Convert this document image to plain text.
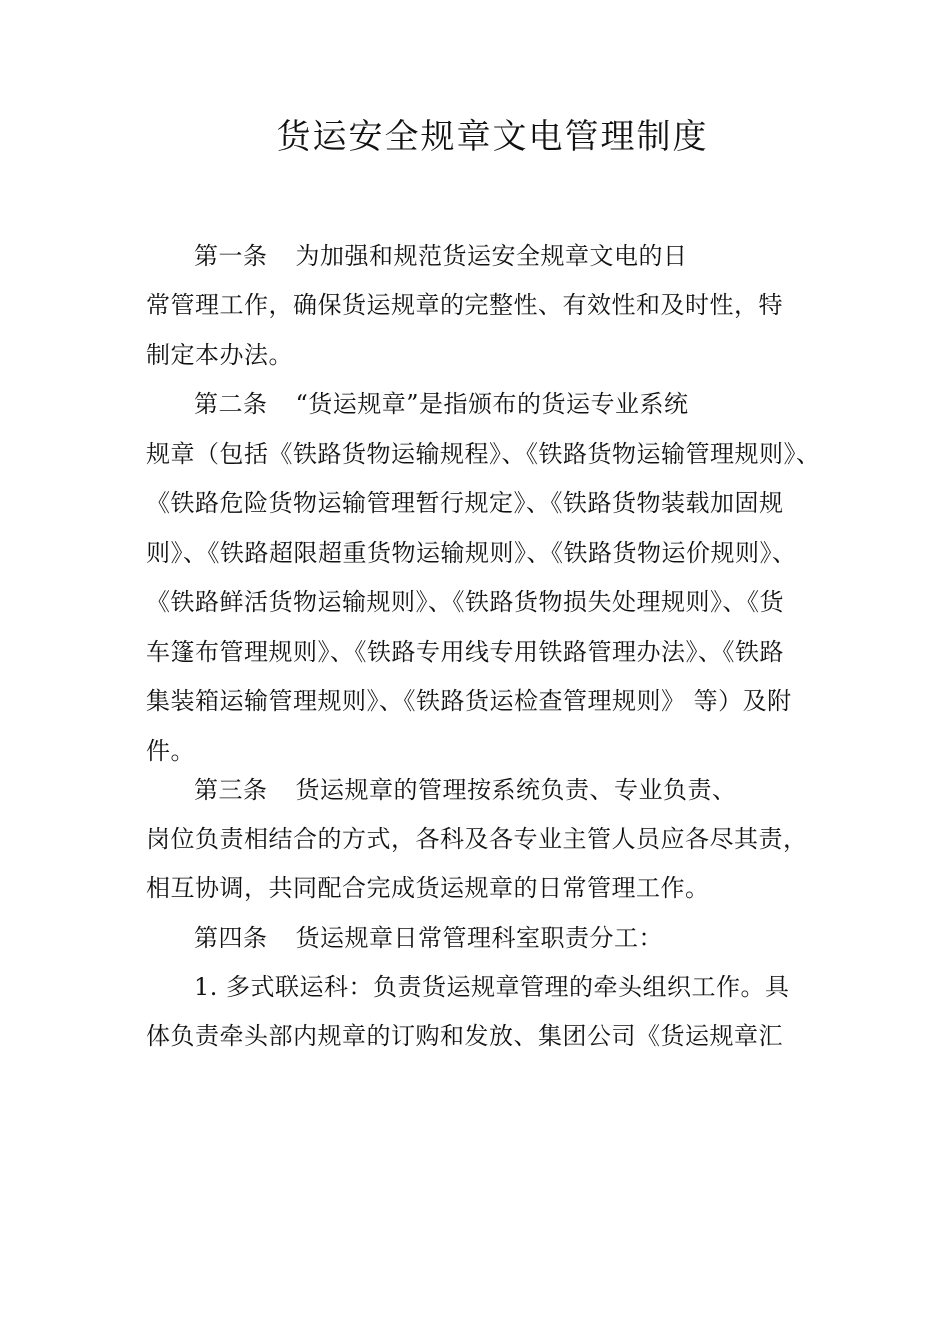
货运安全规章文电管理制度
第一条 为加强和规范货运安全规章文电的日
常管理工作，确保货运规章的完整性、有效性和及时性，特
制定本办法。
第二条 “货运规章”是指颁布的货运专业系统
规章（包括《铁路货物运输规程》、《铁路货物运输管理规则》、
《铁路危险货物运输管理暂行规定》、《铁路货物装载加固规
则》、《铁路超限超重货物运输规则》、《铁路货物运价规则》、
《铁路鲜活货物运输规则》、《铁路货物损失处理规则》、《货
车篷布管理规则》、《铁路专用线专用铁路管理办法》、《铁路
集装箱运输管理规则》、《铁路货运检查管理规则》 等）及附
件。
第三条 货运规章的管理按系统负责、专业负责、
岗位负责相结合的方式，各科及各专业主管人员应各尽其责，
相互协调，共同配合完成货运规章的日常管理工作。
第四条 货运规章日常管理科室职责分工：
1. 多式联运科：负责货运规章管理的牵头组织工作。具
体负责牵头部内规章的订购和发放、集团公司《货运规章汇
